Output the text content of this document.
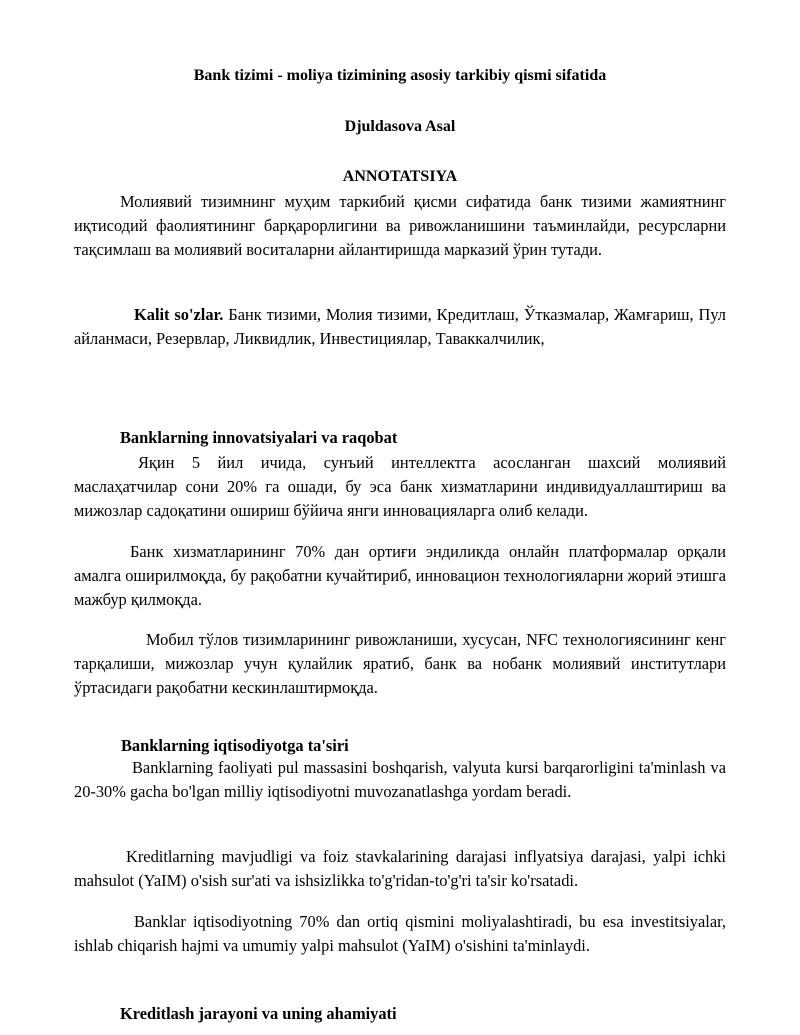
Bank tizimi - moliya tizimining asosiy tarkibiy qismi sifatida
Djuldasova Asal
ANNOTATSIYA

Молиявий тизимнинг муҳим таркибий қисми сифатида банк тизими жамиятнинг иқтисодий фаолиятининг барқарорлигини ва ривожланишини таъминлайди, ресурсларни тақсимлаш ва молиявий воситаларни айлантиришда марказий ўрин тутади.

Kalit so'zlar. Банк тизими, Молия тизими, Кредитлаш, Ўтказмалар, Жамғариш, Пул айланмаси, Резервлар, Ликвидлик, Инвестициялар, Таваккалчилик,

Banklarning innovatsiyalari va raqobat

Яқин 5 йил ичида, сунъий интеллектга асосланган шахсий молиявий маслаҳатчилар сони 20% га ошади, бу эса банк хизматларини индивидуаллаштириш ва мижозлар садоқатини ошириш бўйича янги инновацияларга олиб келади.

Банк хизматларининг 70% дан ортиғи эндиликда онлайн платформалар орқали амалга оширилмоқда, бу рақобатни кучайтириб, инновацион технологияларни жорий этишга мажбур қилмоқда.

Мобил тўлов тизимларининг ривожланиши, хусусан, NFC технологиясининг кенг тарқалиши, мижозлар учун қулайлик яратиб, банк ва нобанк молиявий институтлари ўртасидаги рақобатни кескинлаштирмоқда.

Banklarning iqtisodiyotga ta'siri

Banklarning faoliyati pul massasini boshqarish, valyuta kursi barqarorligini ta'minlash va 20-30% gacha bo'lgan milliy iqtisodiyotni muvozanatlashga yordam beradi.

Kreditlarning mavjudligi va foiz stavkalarining darajasi inflyatsiya darajasi, yalpi ichki mahsulot (YaIM) o'sish sur'ati va ishsizlikka to'g'ridan-to'g'ri ta'sir ko'rsatadi.

Banklar iqtisodiyotning 70% dan ortiq qismini moliyalashtiradi, bu esa investitsiyalar, ishlab chiqarish hajmi va umumiy yalpi mahsulot (YaIM) o'sishini ta'minlaydi.

Kreditlash jarayoni va uning ahamiyati
